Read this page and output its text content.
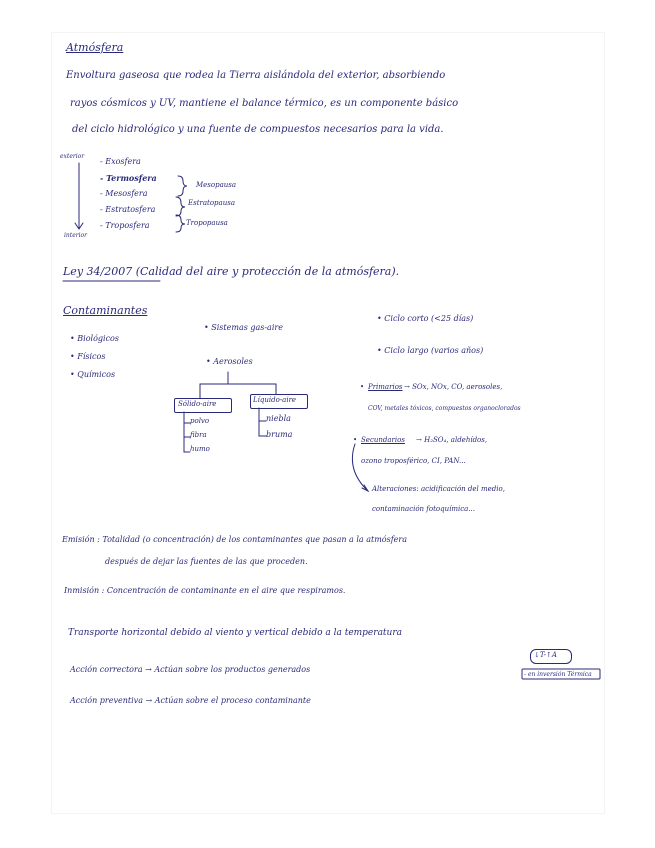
Atmósfera
Envoltura gaseosa que rodea la Tierra aislándola del exterior, absorbiendo
rayos cósmicos y UV, mantiene el balance térmico, es un componente básico
del ciclo hidrológico y una fuente de compuestos necesarios para la vida.
exterior
interior
- Exosfera
- Termosfera
- Mesosfera
- Estratosfera
- Troposfera
Mesopausa
Estratopausa
Tropopausa
Ley 34/2007 (Calidad del aire y protección de la atmósfera).
Contaminantes
• Biológicos
• Físicos
• Químicos
• Sistemas gas-aire
• Aerosoles
Sólido-aire	Líquido-aire
polvo
fibra
humo
niebla
bruma
• Ciclo corto (<25 días)
• Ciclo largo (varios años)
• Primarios → SOx, NOx, CO, aerosoles,
COV, metales tóxicos, compuestos organoclorados
• Secundarios → H₂SO₄, aldehídos,
ozono troposférico, CI, PAN...
Alteraciones: acidificación del medio,
contaminación fotoquímica...
Emisión : Totalidad (o concentración) de los contaminantes que pasan a la atmósfera
después de dejar las fuentes de las que proceden.
Inmisión : Concentración de contaminante en el aire que respiramos.
Transporte horizontal debido al viento y vertical debido a la temperatura
↓T-↑A
- en inversión Térmica
Acción correctora → Actúan sobre los productos generados
Acción preventiva → Actúan sobre el proceso contaminante
